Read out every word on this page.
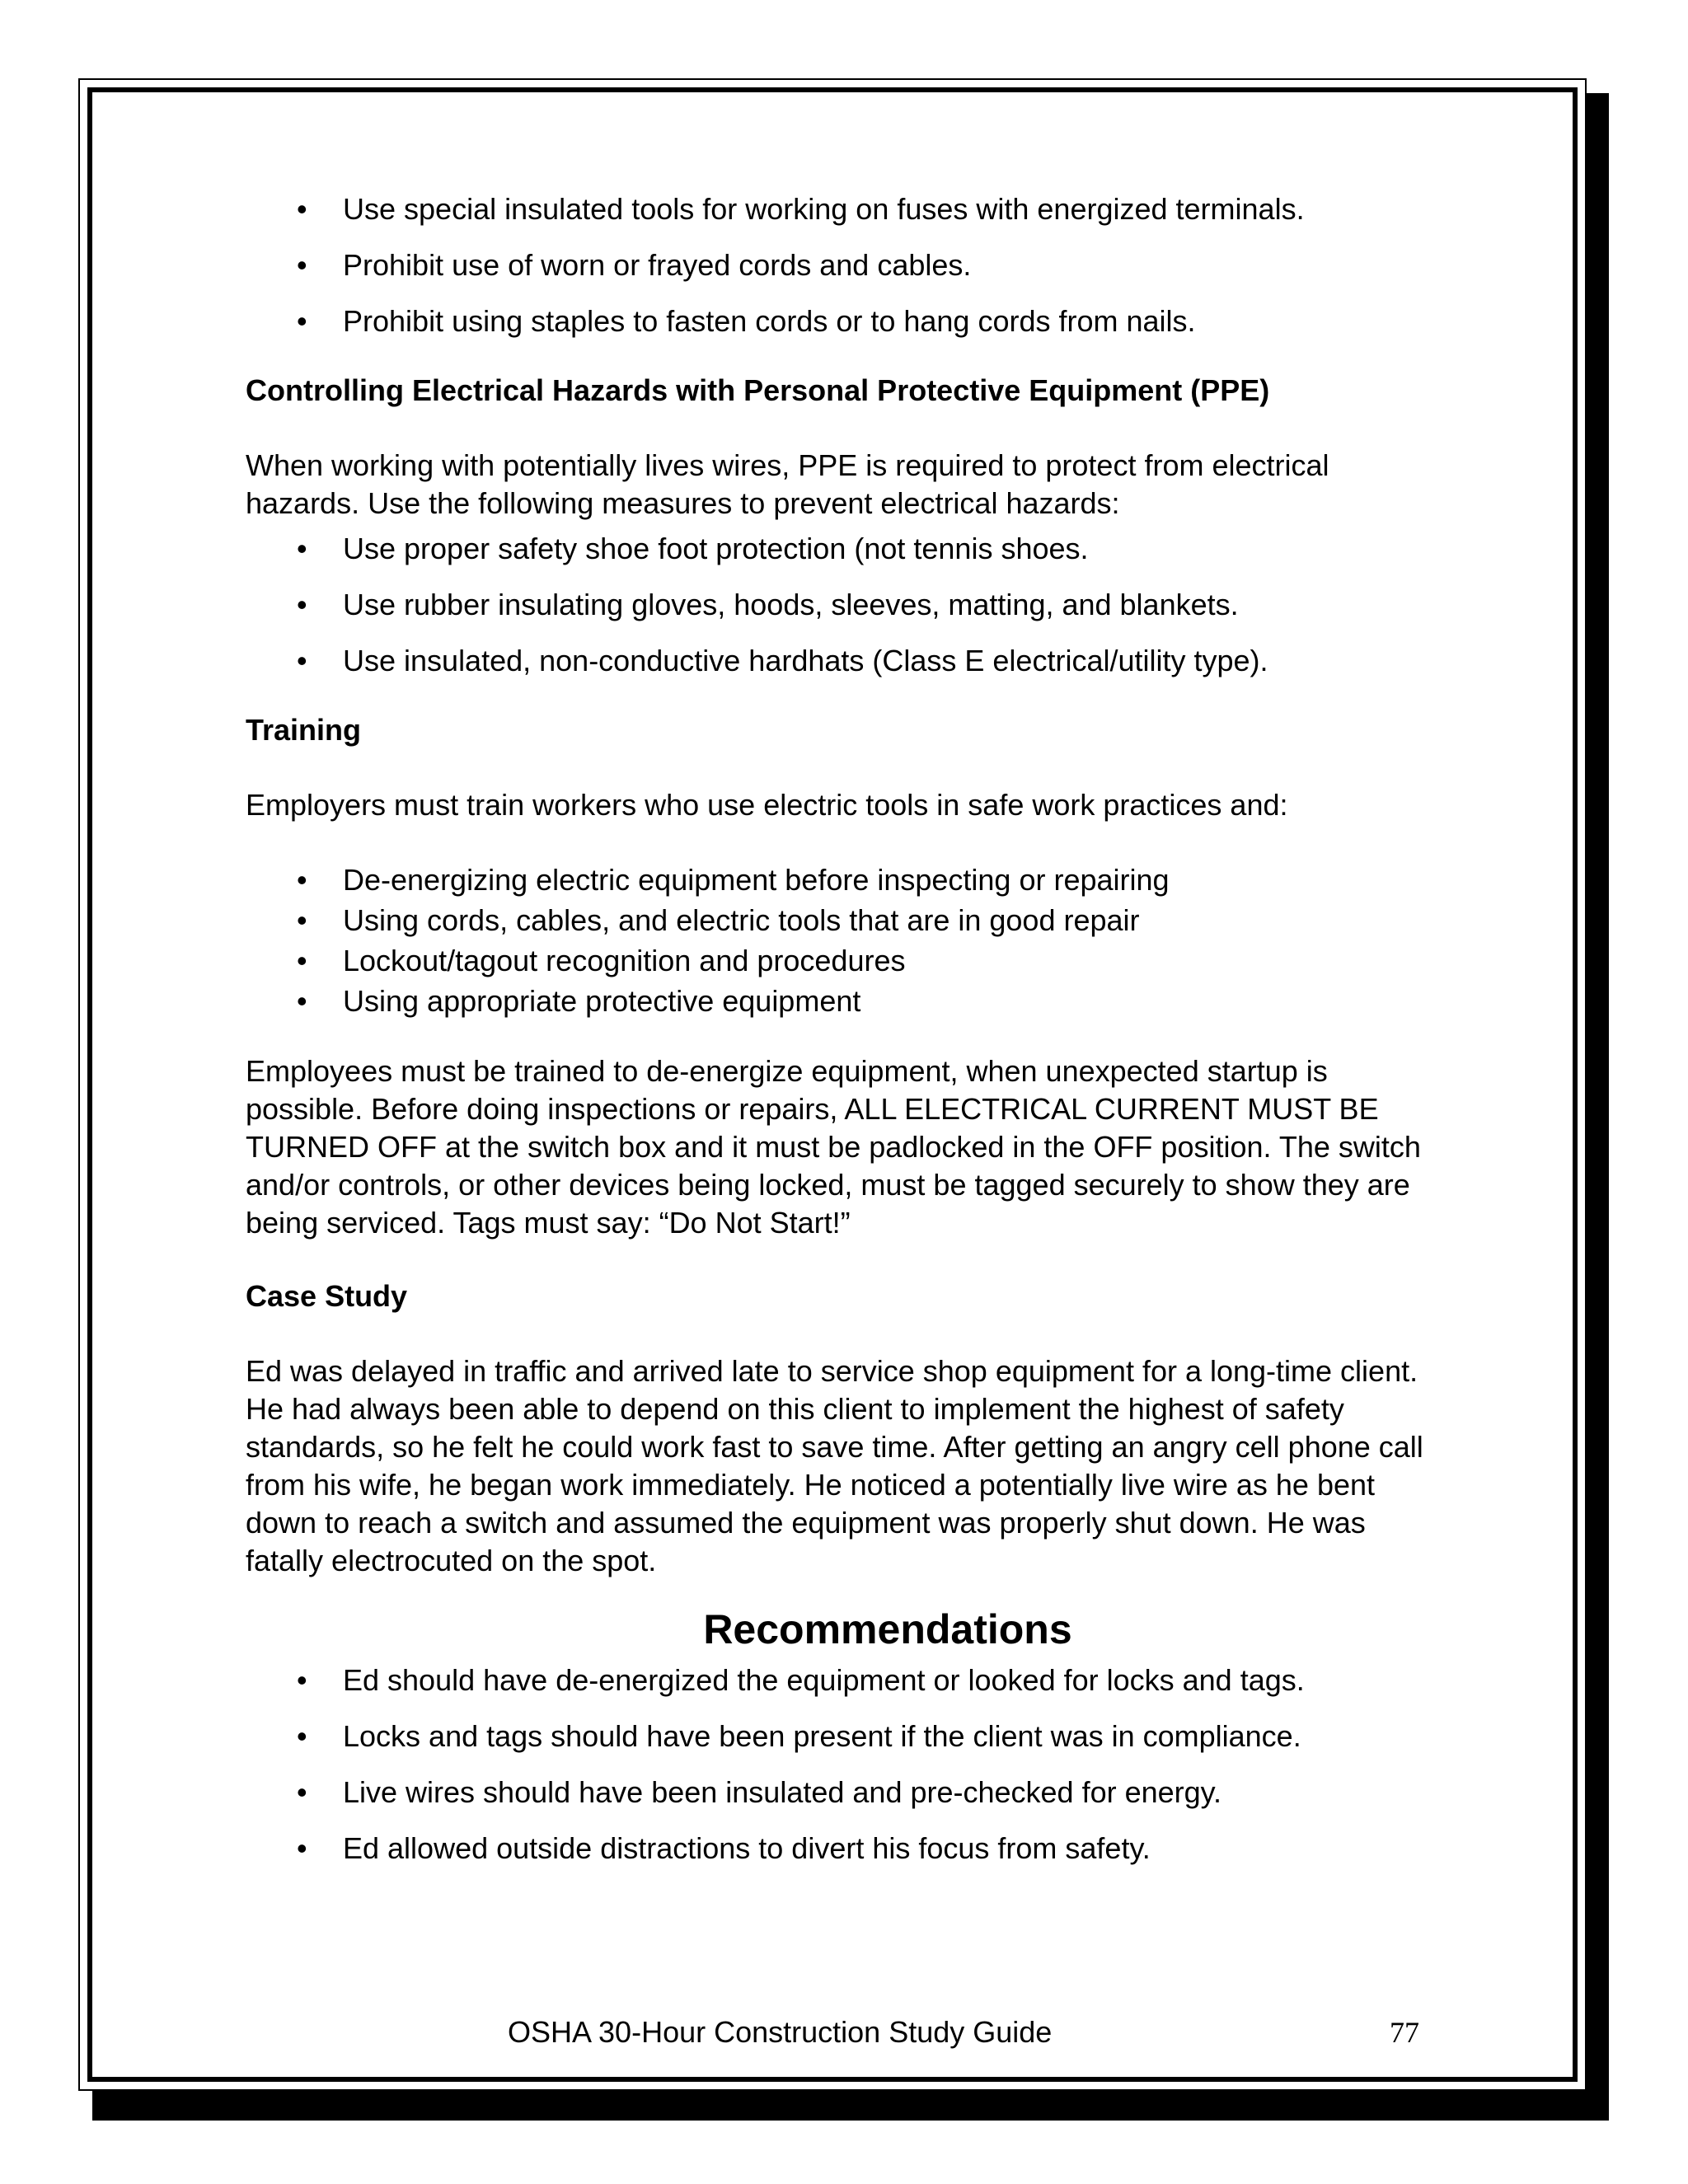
• Use special insulated tools for working on fuses with energized terminals.
• Prohibit use of worn or frayed cords and cables.
• Prohibit using staples to fasten cords or to hang cords from nails.

Controlling Electrical Hazards with Personal Protective Equipment (PPE)

When working with potentially lives wires, PPE is required to protect from electrical hazards. Use the following measures to prevent electrical hazards:

• Use proper safety shoe foot protection (not tennis shoes.
• Use rubber insulating gloves, hoods, sleeves, matting, and blankets.
• Use insulated, non-conductive hardhats (Class E electrical/utility type).

Training

Employers must train workers who use electric tools in safe work practices and:

• De-energizing electric equipment before inspecting or repairing
• Using cords, cables, and electric tools that are in good repair
• Lockout/tagout recognition and procedures
• Using appropriate protective equipment

Employees must be trained to de-energize equipment, when unexpected startup is possible. Before doing inspections or repairs, ALL ELECTRICAL CURRENT MUST BE TURNED OFF at the switch box and it must be padlocked in the OFF position. The switch and/or controls, or other devices being locked, must be tagged securely to show they are being serviced. Tags must say: “Do Not Start!”

Case Study

Ed was delayed in traffic and arrived late to service shop equipment for a long-time client. He had always been able to depend on this client to implement the highest of safety standards, so he felt he could work fast to save time. After getting an angry cell phone call from his wife, he began work immediately. He noticed a potentially live wire as he bent down to reach a switch and assumed the equipment was properly shut down. He was fatally electrocuted on the spot.

Recommendations

• Ed should have de-energized the equipment or looked for locks and tags.
• Locks and tags should have been present if the client was in compliance.
• Live wires should have been insulated and pre-checked for energy.
• Ed allowed outside distractions to divert his focus from safety.
OSHA 30-Hour Construction Study Guide	77
